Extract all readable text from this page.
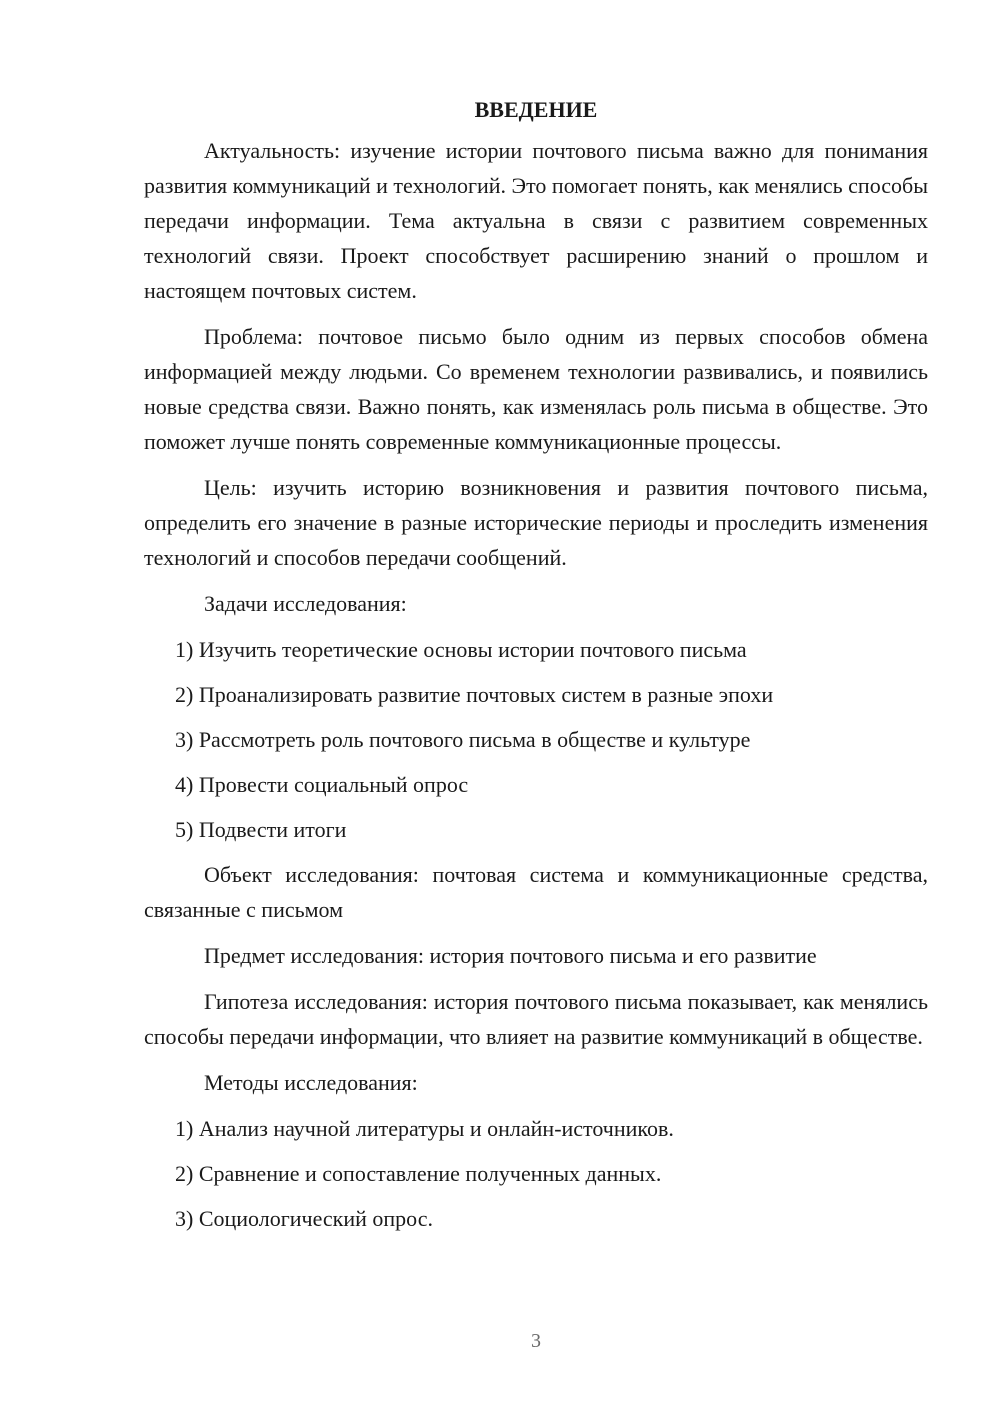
ВВЕДЕНИЕ

Актуальность: изучение истории почтового письма важно для понимания развития коммуникаций и технологий. Это помогает понять, как менялись способы передачи информации. Тема актуальна в связи с развитием современных технологий связи. Проект способствует расширению знаний о прошлом и настоящем почтовых систем.

Проблема: почтовое письмо было одним из первых способов обмена информацией между людьми. Со временем технологии развивались, и появились новые средства связи. Важно понять, как изменялась роль письма в обществе. Это поможет лучше понять современные коммуникационные процессы.

Цель: изучить историю возникновения и развития почтового письма, определить его значение в разные исторические периоды и проследить изменения технологий и способов передачи сообщений.

Задачи исследования:

1) Изучить теоретические основы истории почтового письма
2) Проанализировать развитие почтовых систем в разные эпохи
3) Рассмотреть роль почтового письма в обществе и культуре
4) Провести социальный опрос
5) Подвести итоги

Объект исследования: почтовая система и коммуникационные средства, связанные с письмом

Предмет исследования: история почтового письма и его развитие

Гипотеза исследования: история почтового письма показывает, как менялись способы передачи информации, что влияет на развитие коммуникаций в обществе.

Методы исследования:

1) Анализ научной литературы и онлайн-источников.
2) Сравнение и сопоставление полученных данных.
3) Социологический опрос.
3
